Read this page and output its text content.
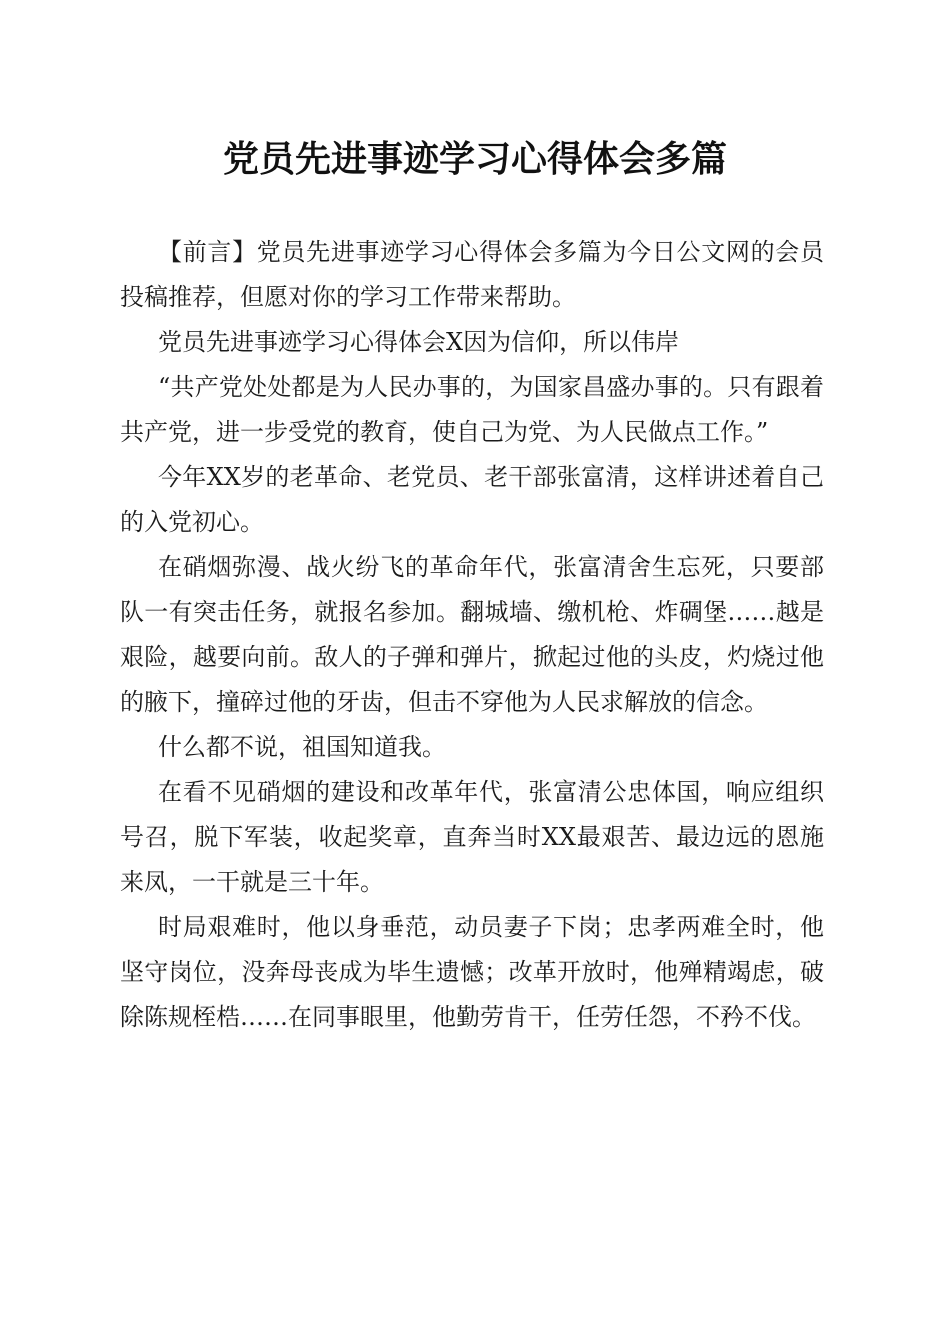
党员先进事迹学习心得体会多篇

【前言】党员先进事迹学习心得体会多篇为今日公文网的会员投稿推荐，但愿对你的学习工作带来帮助。

党员先进事迹学习心得体会X因为信仰，所以伟岸

“共产党处处都是为人民办事的，为国家昌盛办事的。只有跟着共产党，进一步受党的教育，使自己为党、为人民做点工作。”

今年XX岁的老革命、老党员、老干部张富清，这样讲述着自己的入党初心。

在硝烟弥漫、战火纷飞的革命年代，张富清舍生忘死，只要部队一有突击任务，就报名参加。翻城墙、缴机枪、炸碉堡……越是艰险，越要向前。敌人的子弹和弹片，掀起过他的头皮，灼烧过他的腋下，撞碎过他的牙齿，但击不穿他为人民求解放的信念。

什么都不说，祖国知道我。

在看不见硝烟的建设和改革年代，张富清公忠体国，响应组织号召，脱下军装，收起奖章，直奔当时XX最艰苦、最边远的恩施来凤，一干就是三十年。

时局艰难时，他以身垂范，动员妻子下岗；忠孝两难全时，他坚守岗位，没奔母丧成为毕生遗憾；改革开放时，他殚精竭虑，破除陈规桎梏……在同事眼里，他勤劳肯干，任劳任怨，不矜不伐。
